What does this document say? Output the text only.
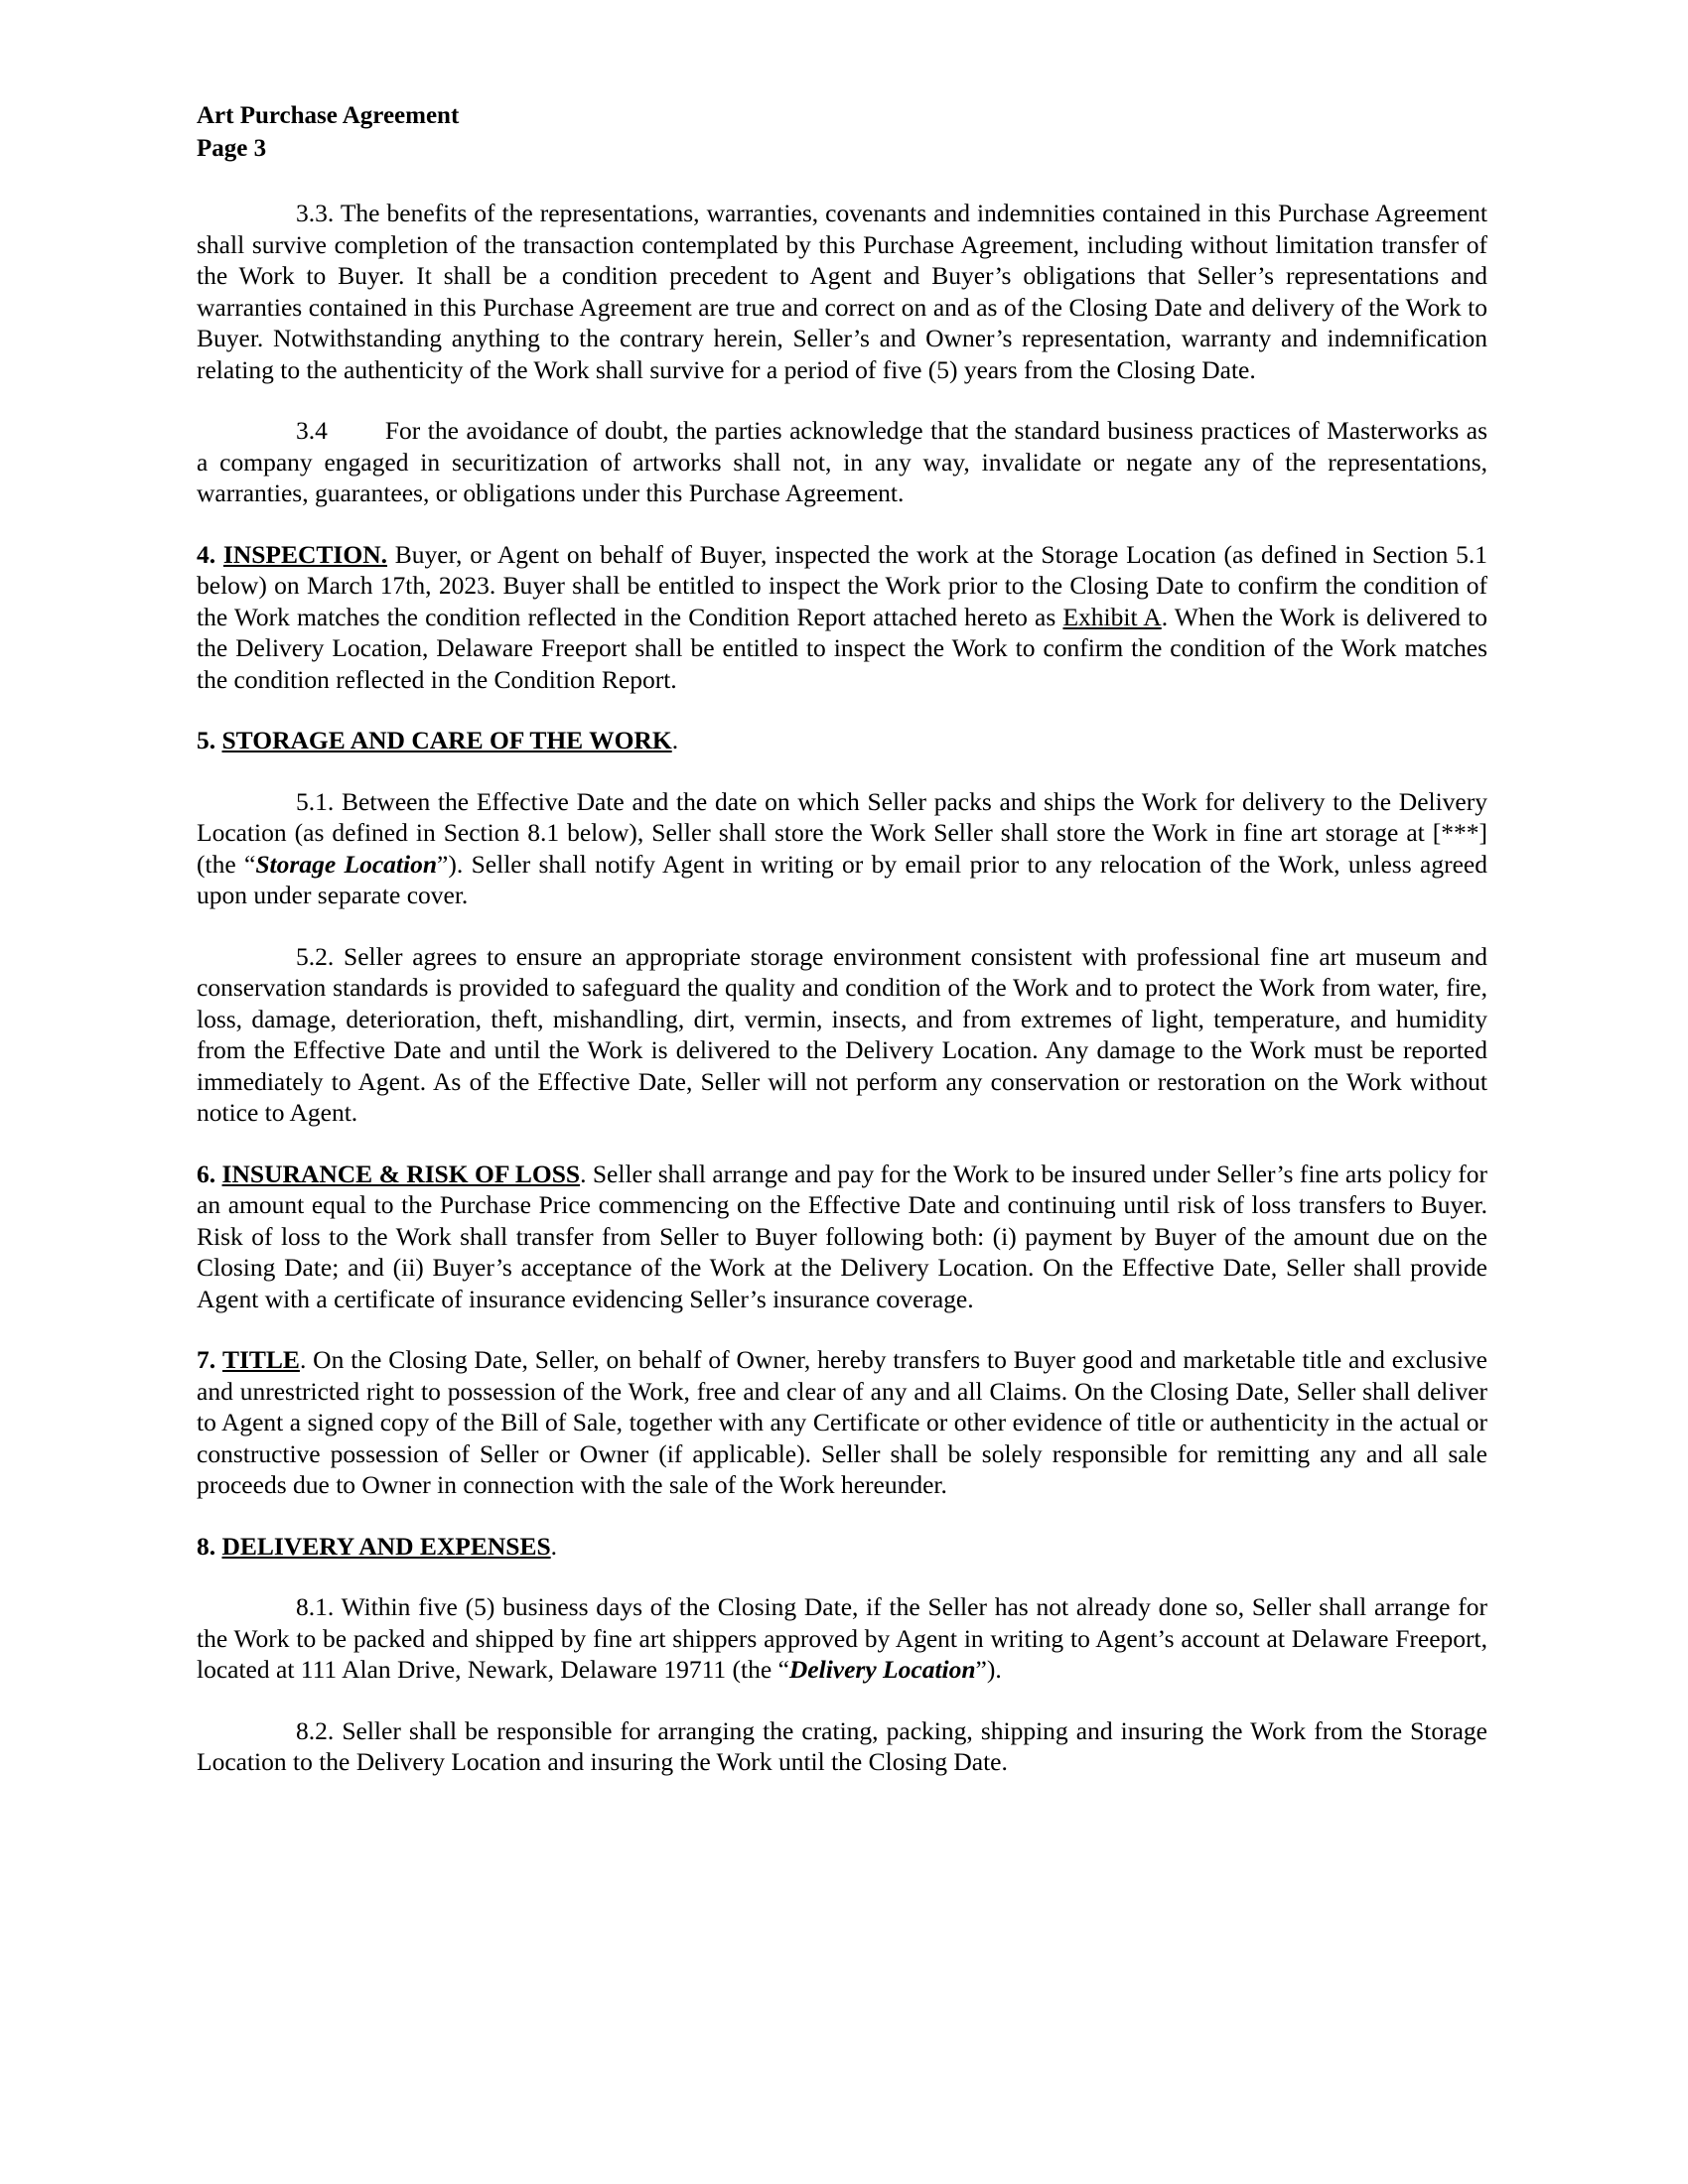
Art Purchase Agreement
Page 3

3.3. The benefits of the representations, warranties, covenants and indemnities contained in this Purchase Agreement shall survive completion of the transaction contemplated by this Purchase Agreement, including without limitation transfer of the Work to Buyer. It shall be a condition precedent to Agent and Buyer’s obligations that Seller’s representations and warranties contained in this Purchase Agreement are true and correct on and as of the Closing Date and delivery of the Work to Buyer. Notwithstanding anything to the contrary herein, Seller’s and Owner’s representation, warranty and indemnification relating to the authenticity of the Work shall survive for a period of five (5) years from the Closing Date.

3.4 For the avoidance of doubt, the parties acknowledge that the standard business practices of Masterworks as a company engaged in securitization of artworks shall not, in any way, invalidate or negate any of the representations, warranties, guarantees, or obligations under this Purchase Agreement.

4. INSPECTION. Buyer, or Agent on behalf of Buyer, inspected the work at the Storage Location (as defined in Section 5.1 below) on March 17th, 2023. Buyer shall be entitled to inspect the Work prior to the Closing Date to confirm the condition of the Work matches the condition reflected in the Condition Report attached hereto as Exhibit A. When the Work is delivered to the Delivery Location, Delaware Freeport shall be entitled to inspect the Work to confirm the condition of the Work matches the condition reflected in the Condition Report.

5. STORAGE AND CARE OF THE WORK.

5.1. Between the Effective Date and the date on which Seller packs and ships the Work for delivery to the Delivery Location (as defined in Section 8.1 below), Seller shall store the Work Seller shall store the Work in fine art storage at [***] (the “Storage Location”). Seller shall notify Agent in writing or by email prior to any relocation of the Work, unless agreed upon under separate cover.

5.2. Seller agrees to ensure an appropriate storage environment consistent with professional fine art museum and conservation standards is provided to safeguard the quality and condition of the Work and to protect the Work from water, fire, loss, damage, deterioration, theft, mishandling, dirt, vermin, insects, and from extremes of light, temperature, and humidity from the Effective Date and until the Work is delivered to the Delivery Location. Any damage to the Work must be reported immediately to Agent. As of the Effective Date, Seller will not perform any conservation or restoration on the Work without notice to Agent.

6. INSURANCE & RISK OF LOSS. Seller shall arrange and pay for the Work to be insured under Seller’s fine arts policy for an amount equal to the Purchase Price commencing on the Effective Date and continuing until risk of loss transfers to Buyer. Risk of loss to the Work shall transfer from Seller to Buyer following both: (i) payment by Buyer of the amount due on the Closing Date; and (ii) Buyer’s acceptance of the Work at the Delivery Location. On the Effective Date, Seller shall provide Agent with a certificate of insurance evidencing Seller’s insurance coverage.

7. TITLE. On the Closing Date, Seller, on behalf of Owner, hereby transfers to Buyer good and marketable title and exclusive and unrestricted right to possession of the Work, free and clear of any and all Claims. On the Closing Date, Seller shall deliver to Agent a signed copy of the Bill of Sale, together with any Certificate or other evidence of title or authenticity in the actual or constructive possession of Seller or Owner (if applicable). Seller shall be solely responsible for remitting any and all sale proceeds due to Owner in connection with the sale of the Work hereunder.

8. DELIVERY AND EXPENSES.

8.1. Within five (5) business days of the Closing Date, if the Seller has not already done so, Seller shall arrange for the Work to be packed and shipped by fine art shippers approved by Agent in writing to Agent’s account at Delaware Freeport, located at 111 Alan Drive, Newark, Delaware 19711 (the “Delivery Location”).

8.2. Seller shall be responsible for arranging the crating, packing, shipping and insuring the Work from the Storage Location to the Delivery Location and insuring the Work until the Closing Date.
